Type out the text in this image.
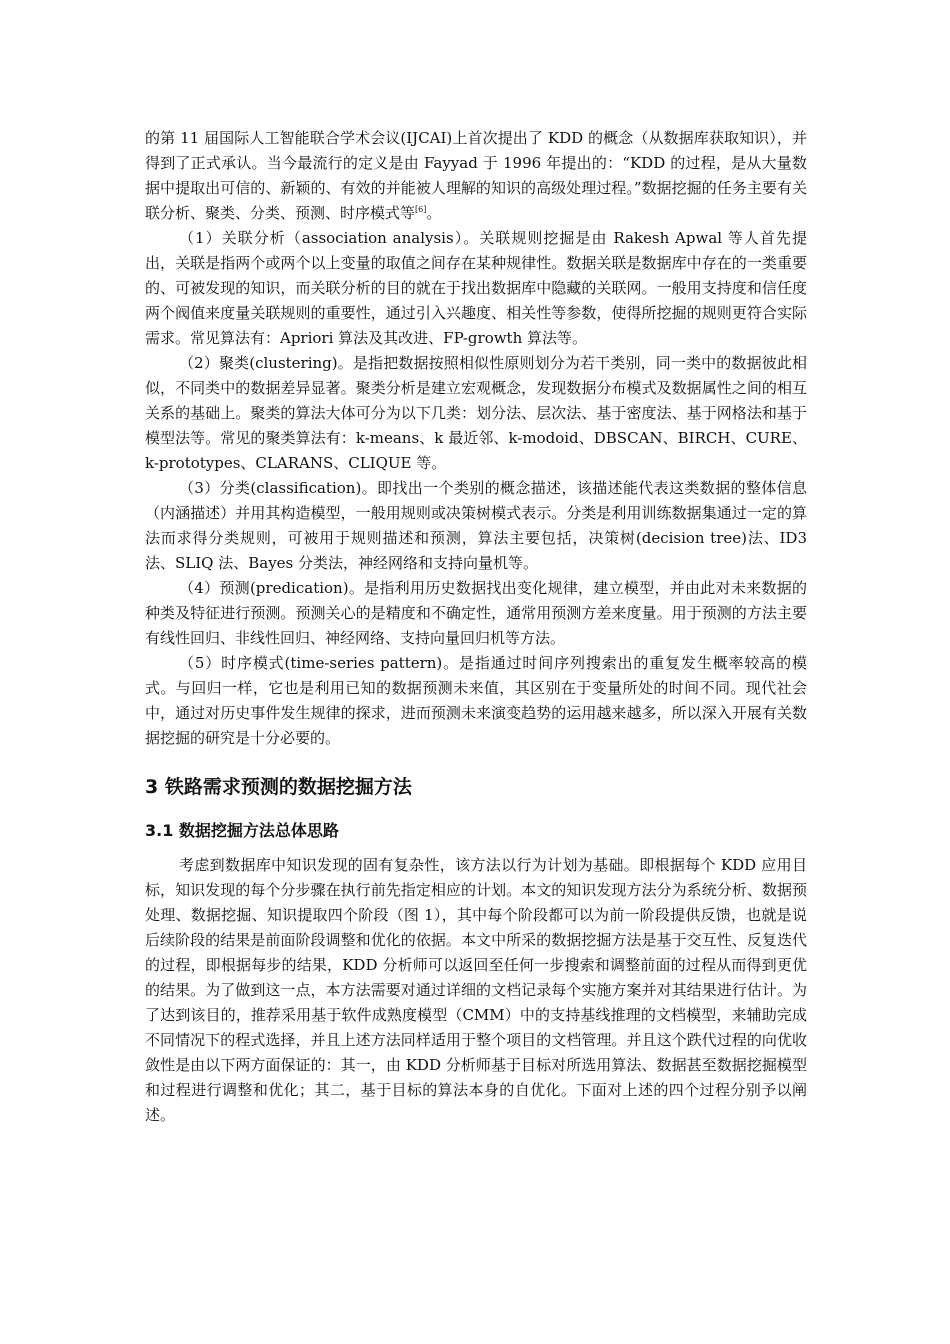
的第 11 届国际人工智能联合学术会议(IJCAI)上首次提出了 KDD 的概念（从数据库获取知识），并得到了正式承认。当今最流行的定义是由 Fayyad 于 1996 年提出的：“KDD 的过程，是从大量数据中提取出可信的、新颖的、有效的并能被人理解的知识的高级处理过程。”数据挖掘的任务主要有关联分析、聚类、分类、预测、时序模式等[6]。

（1）关联分析（association analysis）。关联规则挖掘是由 Rakesh Apwal 等人首先提出，关联是指两个或两个以上变量的取值之间存在某种规律性。数据关联是数据库中存在的一类重要的、可被发现的知识，而关联分析的目的就在于找出数据库中隐藏的关联网。一般用支持度和信任度两个阀值来度量关联规则的重要性，通过引入兴趣度、相关性等参数，使得所挖掘的规则更符合实际需求。常见算法有：Apriori 算法及其改进、FP-growth 算法等。

（2）聚类(clustering)。是指把数据按照相似性原则划分为若干类别，同一类中的数据彼此相似，不同类中的数据差异显著。聚类分析是建立宏观概念，发现数据分布模式及数据属性之间的相互关系的基础上。聚类的算法大体可分为以下几类：划分法、层次法、基于密度法、基于网格法和基于模型法等。常见的聚类算法有：k-means、k 最近邻、k-modoid、DBSCAN、BIRCH、CURE、k-prototypes、CLARANS、CLIQUE 等。

（3）分类(classification)。即找出一个类别的概念描述，该描述能代表这类数据的整体信息（内涵描述）并用其构造模型，一般用规则或决策树模式表示。分类是利用训练数据集通过一定的算法而求得分类规则，可被用于规则描述和预测，算法主要包括，决策树(decision tree)法、ID3 法、SLIQ 法、Bayes 分类法，神经网络和支持向量机等。

（4）预测(predication)。是指利用历史数据找出变化规律，建立模型，并由此对未来数据的种类及特征进行预测。预测关心的是精度和不确定性，通常用预测方差来度量。用于预测的方法主要有线性回归、非线性回归、神经网络、支持向量回归机等方法。

（5）时序模式(time-series pattern)。是指通过时间序列搜索出的重复发生概率较高的模式。与回归一样，它也是利用已知的数据预测未来值，其区别在于变量所处的时间不同。现代社会中，通过对历史事件发生规律的探求，进而预测未来演变趋势的运用越来越多，所以深入开展有关数据挖掘的研究是十分必要的。

3 铁路需求预测的数据挖掘方法
3.1 数据挖掘方法总体思路

考虑到数据库中知识发现的固有复杂性，该方法以行为计划为基础。即根据每个 KDD 应用目标，知识发现的每个分步骤在执行前先指定相应的计划。本文的知识发现方法分为系统分析、数据预处理、数据挖掘、知识提取四个阶段（图 1），其中每个阶段都可以为前一阶段提供反馈，也就是说后续阶段的结果是前面阶段调整和优化的依据。本文中所采的数据挖掘方法是基于交互性、反复迭代的过程，即根据每步的结果，KDD 分析师可以返回至任何一步搜索和调整前面的过程从而得到更优的结果。为了做到这一点，本方法需要对通过详细的文档记录每个实施方案并对其结果进行估计。为了达到该目的，推荐采用基于软件成熟度模型（CMM）中的支持基线推理的文档模型，来辅助完成不同情况下的程式选择，并且上述方法同样适用于整个项目的文档管理。并且这个跌代过程的向优收敛性是由以下两方面保证的：其一，由 KDD 分析师基于目标对所选用算法、数据甚至数据挖掘模型和过程进行调整和优化；其二，基于目标的算法本身的自优化。下面对上述的四个过程分别予以阐述。
